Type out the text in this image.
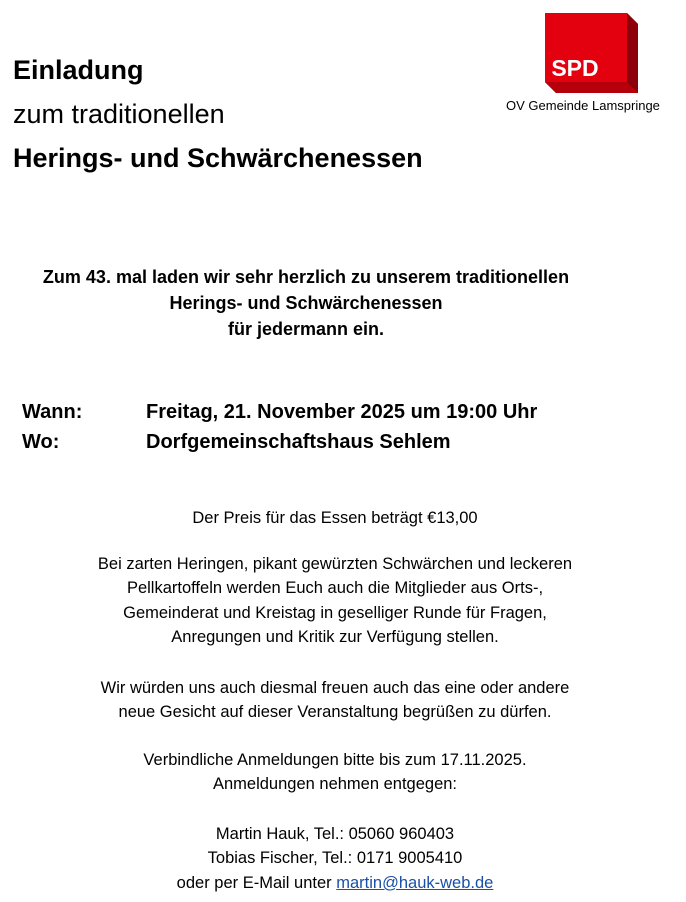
Einladung
zum traditionellen
Herings- und Schwärchenessen
SPD
OV Gemeinde Lamspringe
Zum 43. mal laden wir sehr herzlich zu unserem traditionellen
Herings- und Schwärchenessen
für jedermann ein.
Wann:	Freitag, 21. November 2025 um 19:00 Uhr
Wo:	Dorfgemeinschaftshaus Sehlem
Der Preis für das Essen beträgt €13,00
Bei zarten Heringen, pikant gewürzten Schwärchen und leckeren
Pellkartoffeln werden Euch auch die Mitglieder aus Orts-,
Gemeinderat und Kreistag in geselliger Runde für Fragen,
Anregungen und Kritik zur Verfügung stellen.
Wir würden uns auch diesmal freuen auch das eine oder andere
neue Gesicht auf dieser Veranstaltung begrüßen zu dürfen.
Verbindliche Anmeldungen bitte bis zum 17.11.2025.
Anmeldungen nehmen entgegen:
Martin Hauk, Tel.: 05060 960403
Tobias Fischer, Tel.: 0171 9005410
oder per E-Mail unter martin@hauk-web.de
